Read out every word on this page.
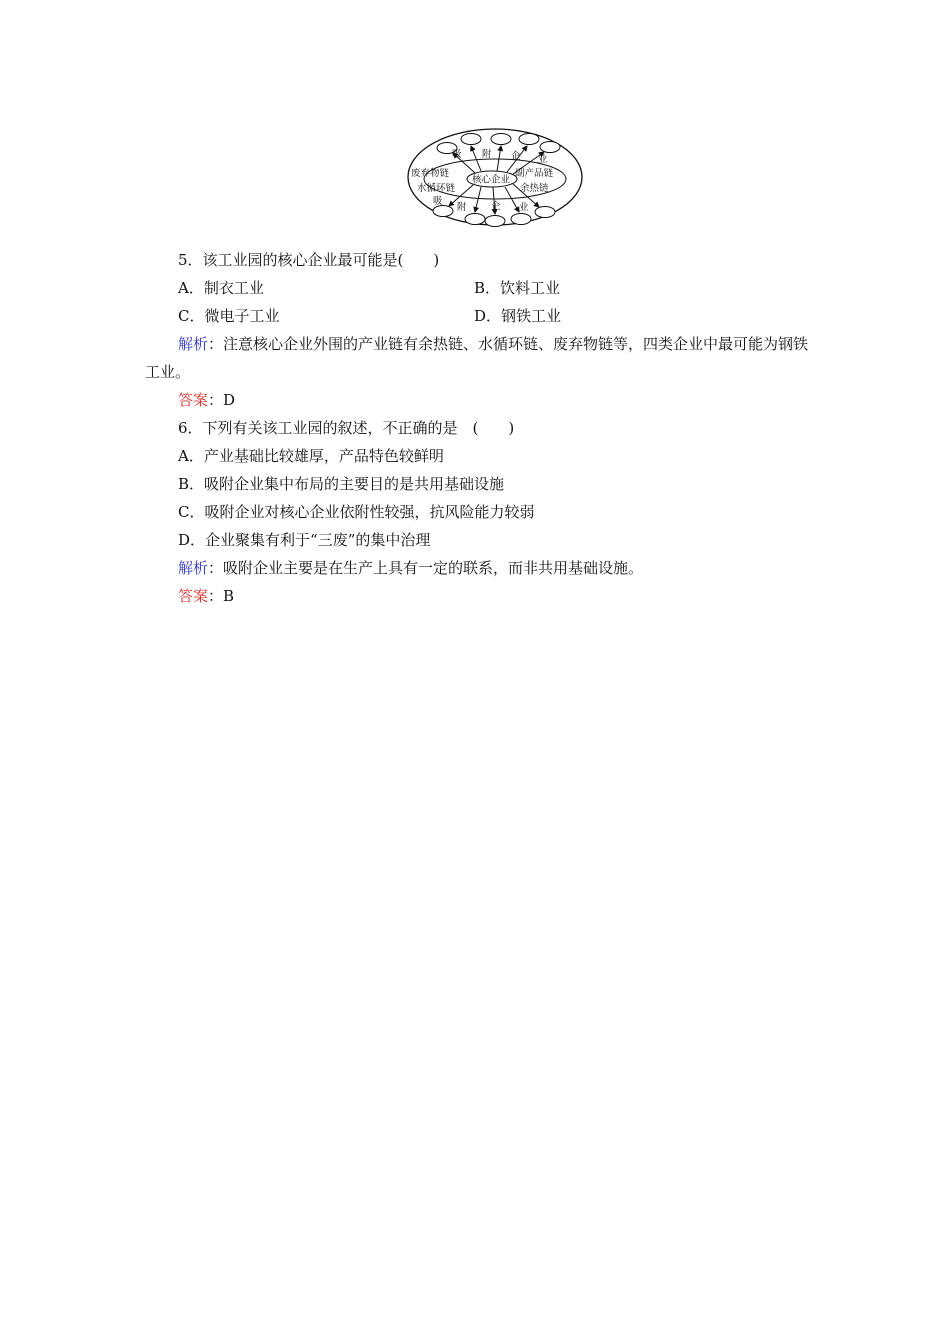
吸 附 企 业
废弃物链
水循环链
副产品链
余热链
核心企业
吸
附	企 业
5．该工业园的核心企业最可能是(　　)
A．制衣工业	B．饮料工业
C．微电子工业	D．钢铁工业
解析：注意核心企业外围的产业链有余热链、水循环链、废弃物链等，四类企业中最可能为钢铁工业。
答案：D
6．下列有关该工业园的叙述，不正确的是　(　　)
A．产业基础比较雄厚，产品特色较鲜明
B．吸附企业集中布局的主要目的是共用基础设施
C．吸附企业对核心企业依附性较强，抗风险能力较弱
D．企业聚集有利于“三废”的集中治理
解析：吸附企业主要是在生产上具有一定的联系，而非共用基础设施。
答案：B
